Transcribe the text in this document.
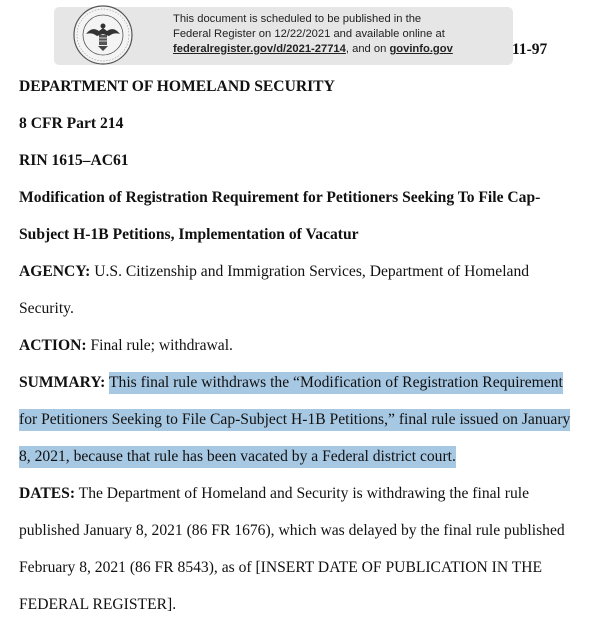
This document is scheduled to be published in the
Federal Register on 12/22/2021 and available online at
federalregister.gov/d/2021-27714, and on govinfo.gov	11-97
DEPARTMENT OF HOMELAND SECURITY
8 CFR Part 214
RIN 1615–AC61
Modification of Registration Requirement for Petitioners Seeking To File Cap-
Subject H-1B Petitions, Implementation of Vacatur
AGENCY: U.S. Citizenship and Immigration Services, Department of Homeland
Security.
ACTION: Final rule; withdrawal.
SUMMARY: This final rule withdraws the “Modification of Registration Requirement
for Petitioners Seeking to File Cap-Subject H-1B Petitions,” final rule issued on January
8, 2021, because that rule has been vacated by a Federal district court.
DATES: The Department of Homeland and Security is withdrawing the final rule
published January 8, 2021 (86 FR 1676), which was delayed by the final rule published
February 8, 2021 (86 FR 8543), as of [INSERT DATE OF PUBLICATION IN THE
FEDERAL REGISTER].
